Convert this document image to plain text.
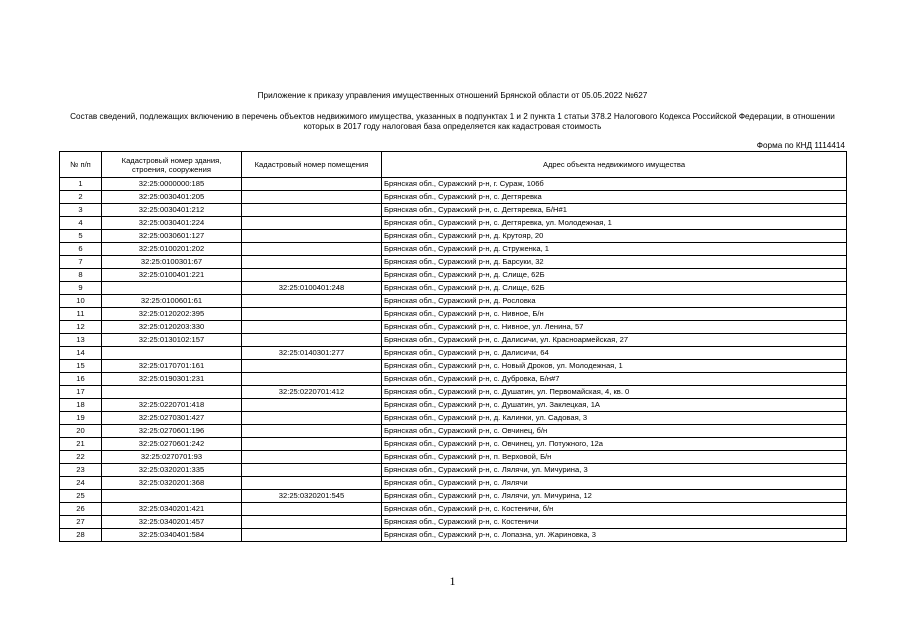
Приложение к приказу управления имущественных отношений Брянской области от 05.05.2022 №627
Состав сведений, подлежащих включению в перечень объектов недвижимого имущества, указанных в подпунктах 1 и 2 пункта 1 статьи 378.2 Налогового Кодекса Российской Федерации, в отношении которых в 2017 году налоговая база определяется как кадастровая стоимость
Форма по КНД 1114414
№ п/п	Кадастровый номер здания, строения, сооружения	Кадастровый номер помещения	Адрес объекта недвижимого имущества
1	32:25:0000000:185		Брянская обл., Суражский р-н, г. Сураж, 106б
2	32:25:0030401:205		Брянская обл., Суражский р-н, с. Дегтяревка
3	32:25:0030401:212		Брянская обл., Суражский р-н, с. Дегтяревка, Б/Н#1
4	32:25:0030401:224		Брянская обл., Суражский р-н, с. Дегтяревка, ул. Молодежная, 1
5	32:25:0030601:127		Брянская обл., Суражский р-н, д. Крутояр, 20
6	32:25:0100201:202		Брянская обл., Суражский р-н, д. Струженка, 1
7	32:25:0100301:67		Брянская обл., Суражский р-н, д. Барсуки, 32
8	32:25:0100401:221		Брянская обл., Суражский р-н, д. Слище, 62Б
9		32:25:0100401:248	Брянская обл., Суражский р-н, д. Слище, 62Б
10	32:25:0100601:61		Брянская обл., Суражский р-н, д. Рословка
11	32:25:0120202:395		Брянская обл., Суражский р-н, с. Нивное, Б/н
12	32:25:0120203:330		Брянская обл., Суражский р-н, с. Нивное, ул. Ленина, 57
13	32:25:0130102:157		Брянская обл., Суражский р-н, с. Далисичи, ул. Красноармейская, 27
14		32:25:0140301:277	Брянская обл., Суражский р-н, с. Далисичи, 64
15	32:25:0170701:161		Брянская обл., Суражский р-н, с. Новый Дроков, ул. Молодежная, 1
16	32:25:0190301:231		Брянская обл., Суражский р-н, с. Дубровка, Б/н#7
17		32:25:0220701:412	Брянская обл., Суражский р-н, с. Душатин, ул. Первомайская, 4, кв. 0
18	32:25:0220701:418		Брянская обл., Суражский р-н, с. Душатин, ул. Заклецкая, 1А
19	32:25:0270301:427		Брянская обл., Суражский р-н, д. Калинки, ул. Садовая, 3
20	32:25:0270601:196		Брянская обл., Суражский р-н, с. Овчинец, б/н
21	32:25:0270601:242		Брянская обл., Суражский р-н, с. Овчинец, ул. Потужного, 12а
22	32:25:0270701:93		Брянская обл., Суражский р-н, п. Верховой, Б/н
23	32:25:0320201:335		Брянская обл., Суражский р-н, с. Лялячи, ул. Мичурина, 3
24	32:25:0320201:368		Брянская обл., Суражский р-н, с. Лялячи
25		32:25:0320201:545	Брянская обл., Суражский р-н, с. Лялячи, ул. Мичурина, 12
26	32:25:0340201:421		Брянская обл., Суражский р-н, с. Костеничи, б/н
27	32:25:0340201:457		Брянская обл., Суражский р-н, с. Костеничи
28	32:25:0340401:584		Брянская обл., Суражский р-н, с. Лопазна, ул. Жариновка, 3
1
